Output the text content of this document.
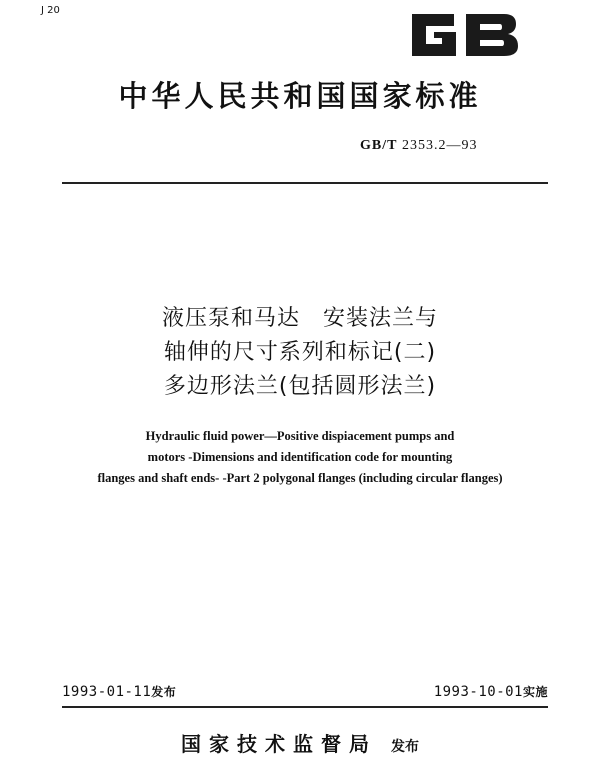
J 20
中华人民共和国国家标准
GB/T 2353.2—93
液压泵和马达　安装法兰与
轴伸的尺寸系列和标记(二)
多边形法兰(包括圆形法兰)
Hydraulic fluid power—Positive dispiacement pumps and
motors -Dimensions and identification code for mounting
flanges and shaft ends- -Part 2 polygonal flanges (including circular flanges)
1993-01-11发布	1993-10-01实施
国家技术监督局 发布
